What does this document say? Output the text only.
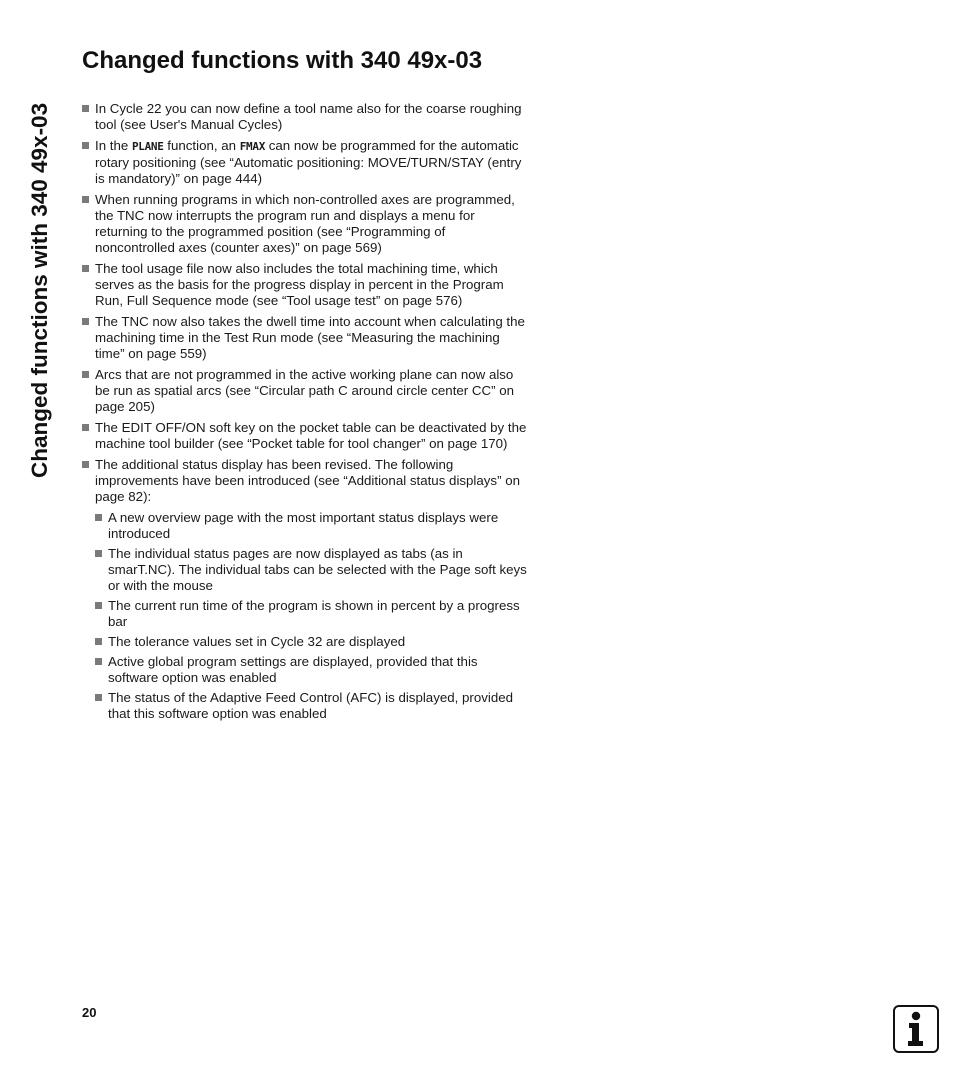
Changed functions with 340 49x-03
Changed functions with 340 49x-03
In Cycle 22 you can now define a tool name also for the coarse roughing tool (see User's Manual Cycles)
In the PLANE function, an FMAX can now be programmed for the automatic rotary positioning (see “Automatic positioning: MOVE/TURN/STAY (entry is mandatory)” on page 444)
When running programs in which non-controlled axes are programmed, the TNC now interrupts the program run and displays a menu for returning to the programmed position (see “Programming of noncontrolled axes (counter axes)” on page 569)
The tool usage file now also includes the total machining time, which serves as the basis for the progress display in percent in the Program Run, Full Sequence mode (see “Tool usage test” on page 576)
The TNC now also takes the dwell time into account when calculating the machining time in the Test Run mode (see “Measuring the machining time” on page 559)
Arcs that are not programmed in the active working plane can now also be run as spatial arcs (see “Circular path C around circle center CC” on page 205)
The EDIT OFF/ON soft key on the pocket table can be deactivated by the machine tool builder (see “Pocket table for tool changer” on page 170)
The additional status display has been revised. The following improvements have been introduced (see “Additional status displays” on page 82):
A new overview page with the most important status displays were introduced
The individual status pages are now displayed as tabs (as in smarT.NC). The individual tabs can be selected with the Page soft keys or with the mouse
The current run time of the program is shown in percent by a progress bar
The tolerance values set in Cycle 32 are displayed
Active global program settings are displayed, provided that this software option was enabled
The status of the Adaptive Feed Control (AFC) is displayed, provided that this software option was enabled
20
